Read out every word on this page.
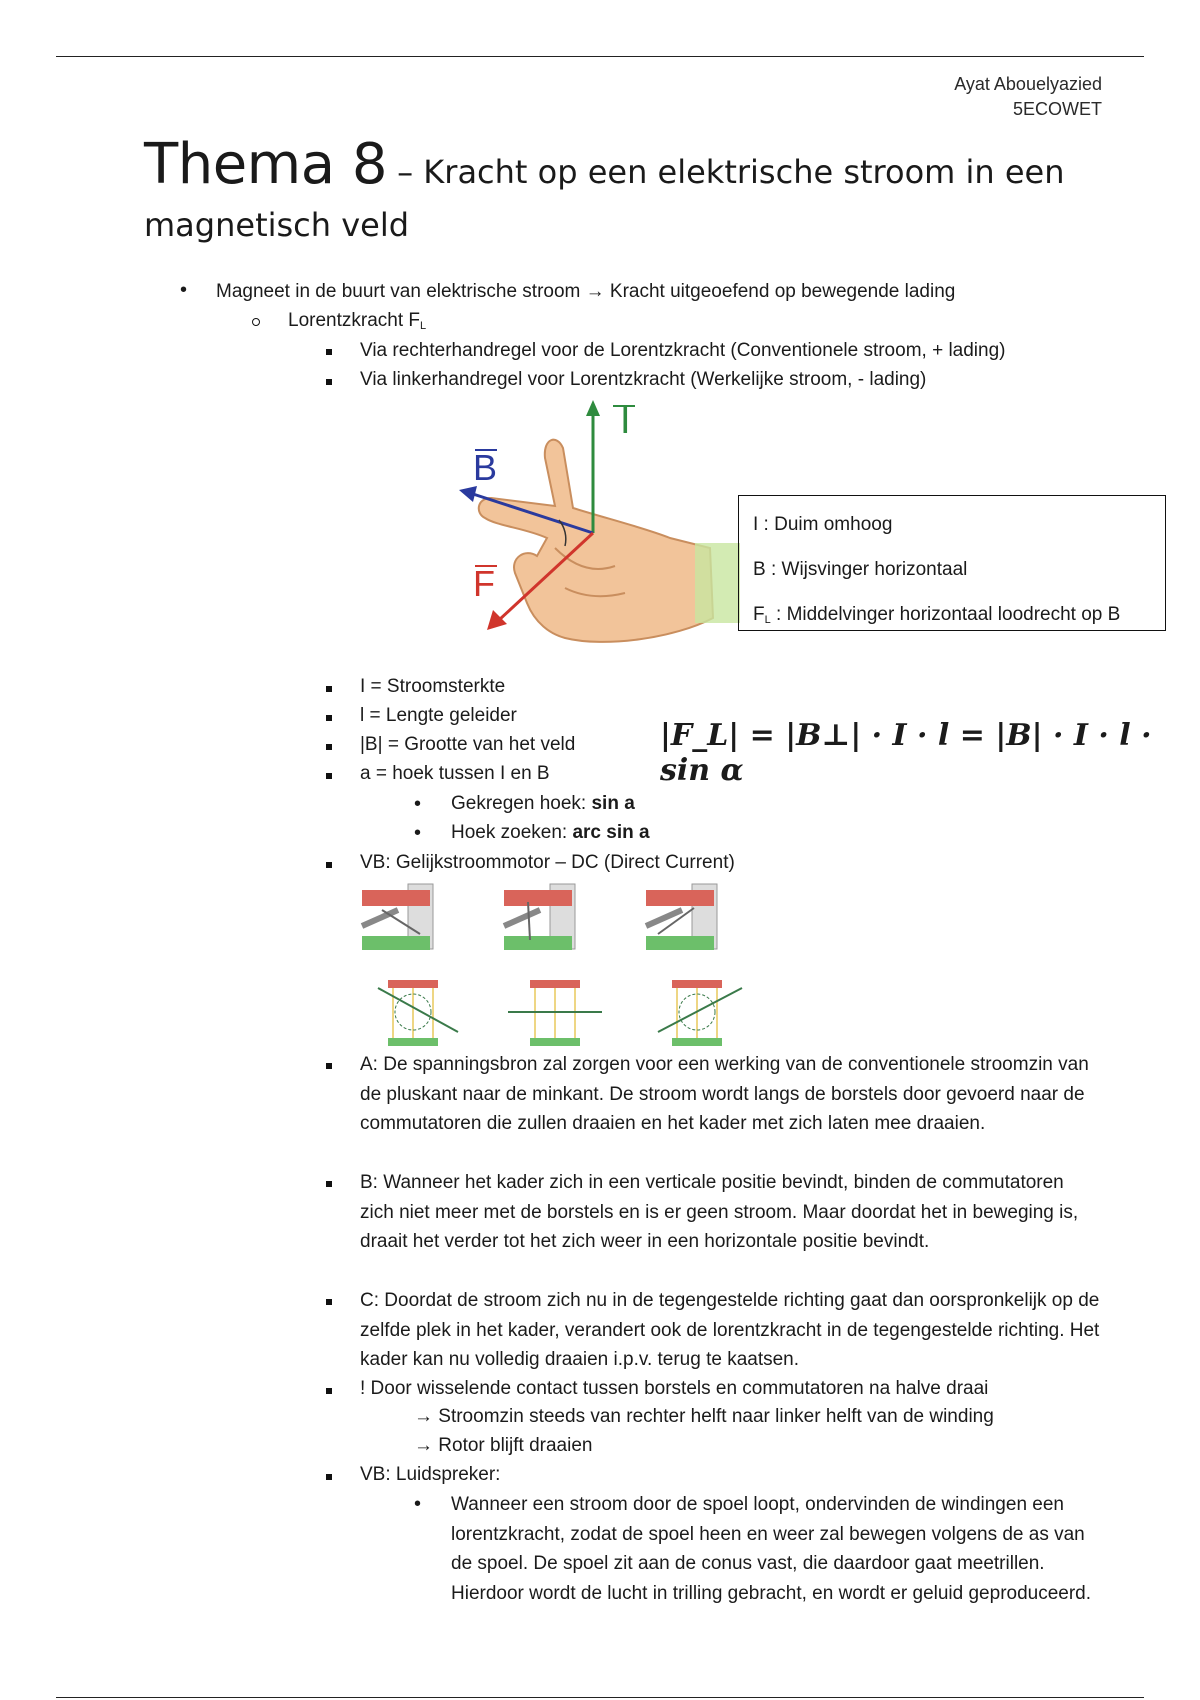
Ayat Abouelyazied
5ECOWET
Thema 8 – Kracht op een elektrische stroom in een
magnetisch veld
• Magneet in de buurt van elektrische stroom → Kracht uitgeoefend op bewegende lading
Lorentzkracht $F_L$
Via rechterhandregel voor de Lorentzkracht (Conventionele stroom, + lading)
Via linkerhandregel voor Lorentzkracht (Werkelijke stroom, - lading)
I
B
F
I : Duim omhoog
B : Wijsvinger horizontaal
$F_L$ : Middelvinger horizontaal loodrecht op B
I = Stroomsterkte
l = Lengte geleider
|B| = Grootte van het veld
a = hoek tussen I en B
• Gekregen hoek: sin a
• Hoek zoeken: arc sin a
|F_L| = |B⊥| · I · l = |B| · I · l · sin α
VB: Gelijkstroommotor – DC (Direct Current)
A: De spanningsbron zal zorgen voor een werking van de conventionele stroomzin van de pluskant naar de minkant. De stroom wordt langs de borstels door gevoerd naar de commutatoren die zullen draaien en het kader met zich laten mee draaien.
B: Wanneer het kader zich in een verticale positie bevindt, binden de commutatoren zich niet meer met de borstels en is er geen stroom. Maar doordat het in beweging is, draait het verder tot het zich weer in een horizontale positie bevindt.
C: Doordat de stroom zich nu in de tegengestelde richting gaat dan oorspronkelijk op de zelfde plek in het kader, verandert ook de lorentzkracht in de tegengestelde richting. Het kader kan nu volledig draaien i.p.v. terug te kaatsen.
! Door wisselende contact tussen borstels en commutatoren na halve draai
→ Stroomzin steeds van rechter helft naar linker helft van de winding
→ Rotor blijft draaien
VB: Luidspreker:
• Wanneer een stroom door de spoel loopt, ondervinden de windingen een lorentzkracht, zodat de spoel heen en weer zal bewegen volgens de as van de spoel. De spoel zit aan de conus vast, die daardoor gaat meetrillen. Hierdoor wordt de lucht in trilling gebracht, en wordt er geluid geproduceerd.
